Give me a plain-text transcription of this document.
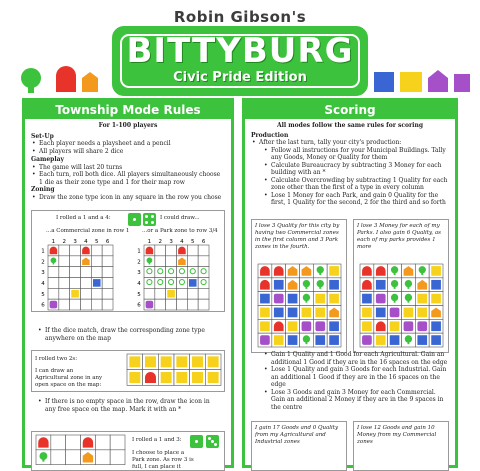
Robin Gibson's
BITTYBURG
Civic Pride Edition
Township Mode Rules
For 1-100 players
Set-Up
• Each player needs a playsheet and a pencil
• All players will share 2 dice
Gameplay
• The game will last 20 turns
• Each turn, roll both dice. All players simultaneously choose 1 die as their zone type and 1 for their map row
Zoning
• Draw the zone type icon in any square in the row you chose
I rolled a 1 and a 4:	I could draw...
...a Commercial zone in row 1 ...or a Park zone to row 3/4
1 2 3 4 5 6
1
2
3
4
5
6
1 2 3 4 5 6
1
2
3
4
5
6
• If the dice match, draw the corresponding zone type anywhere on the map
I rolled two 2s:
I can draw an Agricultural zone in any open space on the map:
• If there is no empty space in the row, draw the icon in any free space on the map. Mark it with an *
I rolled a 1 and 3:
I choose to place a Park zone. As row 3 is full, I can place it
Scoring
All modes follow the same rules for scoring
Production
• After the last turn, tally your city's production:
• Follow all instructions for your Municipal Buildings. Tally any Goods, Money or Quality for them
• Calculate Bureaucracy by subtracting 3 Money for each building with an *
• Calculate Overcrowding by subtracting 1 Quality for each zone other than the first of a type in every column
• Lose 1 Money for each Park, and gain 0 Quality for the first, 1 Quality for the second, 2 for the third and so forth
I lose 3 Quality for this city by having two Commercial zones in the first column and 3 Park zones in the fourth.
I lose 3 Money for each of my Parks. I also gain 6 Quality, as each of my parks provides 1 more
• Gain 1 Quality and 1 Good for each Agricultural. Gain an additional 1 Good if they are in the 16 spaces on the edge
• Lose 1 Quality and gain 3 Goods for each Industrial. Gain an additional 1 Good if they are in the 16 spaces on the edge
• Lose 3 Goods and gain 3 Money for each Commercial. Gain an additional 2 Money if they are in the 9 spaces in the centre
I gain 17 Goods and 0 Quality from my Agricultural and Industrial zones
I lose 12 Goods and gain 10 Money from my Commercial zones
